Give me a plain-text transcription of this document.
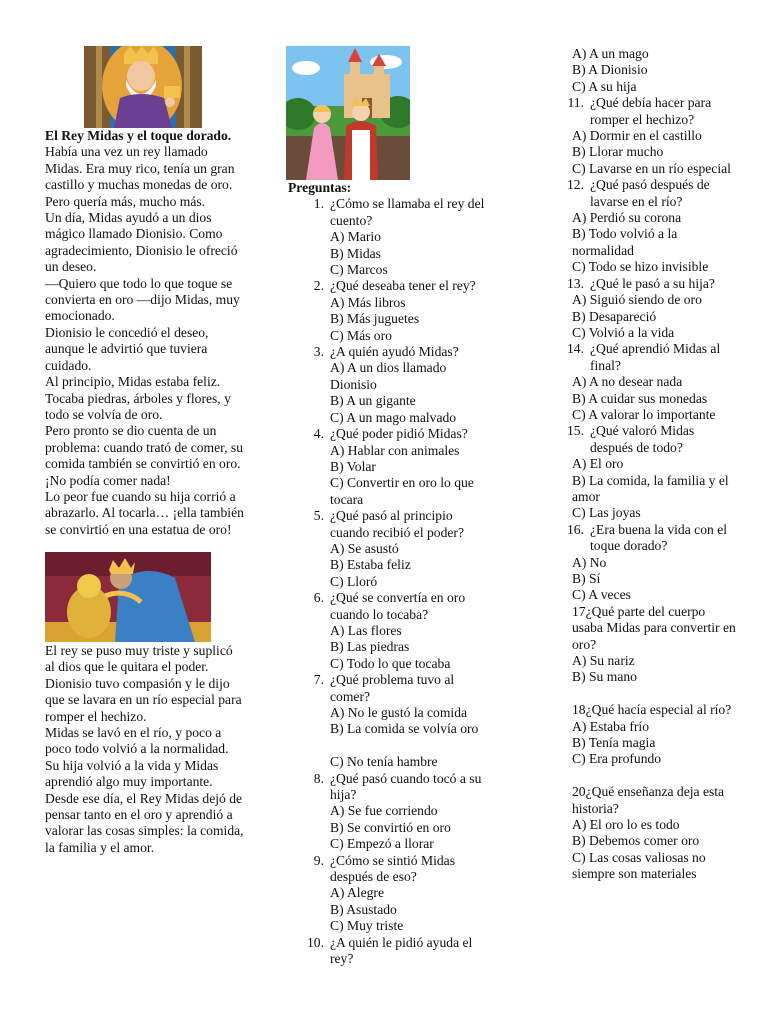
El Rey Midas y el toque dorado.
Había una vez un rey llamado Midas. Era muy rico, tenía un gran castillo y muchas monedas de oro. Pero quería más, mucho más.
Un día, Midas ayudó a un dios mágico llamado Dionisio. Como agradecimiento, Dionisio le ofreció un deseo.
—Quiero que todo lo que toque se convierta en oro —dijo Midas, muy emocionado.
Dionisio le concedió el deseo, aunque le advirtió que tuviera cuidado.
Al principio, Midas estaba feliz. Tocaba piedras, árboles y flores, y todo se volvía de oro.
Pero pronto se dio cuenta de un problema: cuando trató de comer, su comida también se convirtió en oro. ¡No podía comer nada!
Lo peor fue cuando su hija corrió a abrazarlo. Al tocarla… ¡ella también se convirtió en una estatua de oro!
El rey se puso muy triste y suplicó al dios que le quitara el poder. Dionisio tuvo compasión y le dijo que se lavara en un río especial para romper el hechizo.
Midas se lavó en el río, y poco a poco todo volvió a la normalidad. Su hija volvió a la vida y Midas aprendió algo muy importante.
Desde ese día, el Rey Midas dejó de pensar tanto en el oro y aprendió a valorar las cosas simples: la comida, la familia y el amor.
Preguntas:
1. ¿Cómo se llamaba el rey del cuento?
A) Mario
B) Midas
C) Marcos
2. ¿Qué deseaba tener el rey?
A) Más libros
B) Más juguetes
C) Más oro
3. ¿A quién ayudó Midas?
A) A un dios llamado Dionisio
B) A un gigante
C) A un mago malvado
4. ¿Qué poder pidió Midas?
A) Hablar con animales
B) Volar
C) Convertir en oro lo que tocara
5. ¿Qué pasó al principio cuando recibió el poder?
A) Se asustó
B) Estaba feliz
C) Lloró
6. ¿Qué se convertía en oro cuando lo tocaba?
A) Las flores
B) Las piedras
C) Todo lo que tocaba
7. ¿Qué problema tuvo al comer?
A) No le gustó la comida
B) La comida se volvía oro
C) No tenía hambre
8. ¿Qué pasó cuando tocó a su hija?
A) Se fue corriendo
B) Se convirtió en oro
C) Empezó a llorar
9. ¿Cómo se sintió Midas después de eso?
A) Alegre
B) Asustado
C) Muy triste
10. ¿A quién le pidió ayuda el rey?
A) A un mago
B) A Dionisio
C) A su hija
11. ¿Qué debía hacer para romper el hechizo?
A) Dormir en el castillo
B) Llorar mucho
C) Lavarse en un río especial
12. ¿Qué pasó después de lavarse en el río?
A) Perdió su corona
B) Todo volvió a la normalidad
C) Todo se hizo invisible
13. ¿Qué le pasó a su hija?
A) Siguió siendo de oro
B) Desapareció
C) Volvió a la vida
14. ¿Qué aprendió Midas al final?
A) A no desear nada
B) A cuidar sus monedas
C) A valorar lo importante
15. ¿Qué valoró Midas después de todo?
A) El oro
B) La comida, la familia y el amor
C) Las joyas
16. ¿Era buena la vida con el toque dorado?
A) No
B) Sí
C) A veces
17¿Qué parte del cuerpo usaba Midas para convertir en oro?
A) Su nariz
B) Su mano
18¿Qué hacía especial al río?
A) Estaba frío
B) Tenía magia
C) Era profundo
20¿Qué enseñanza deja esta historia?
A) El oro lo es todo
B) Debemos comer oro
C) Las cosas valiosas no siempre son materiales
